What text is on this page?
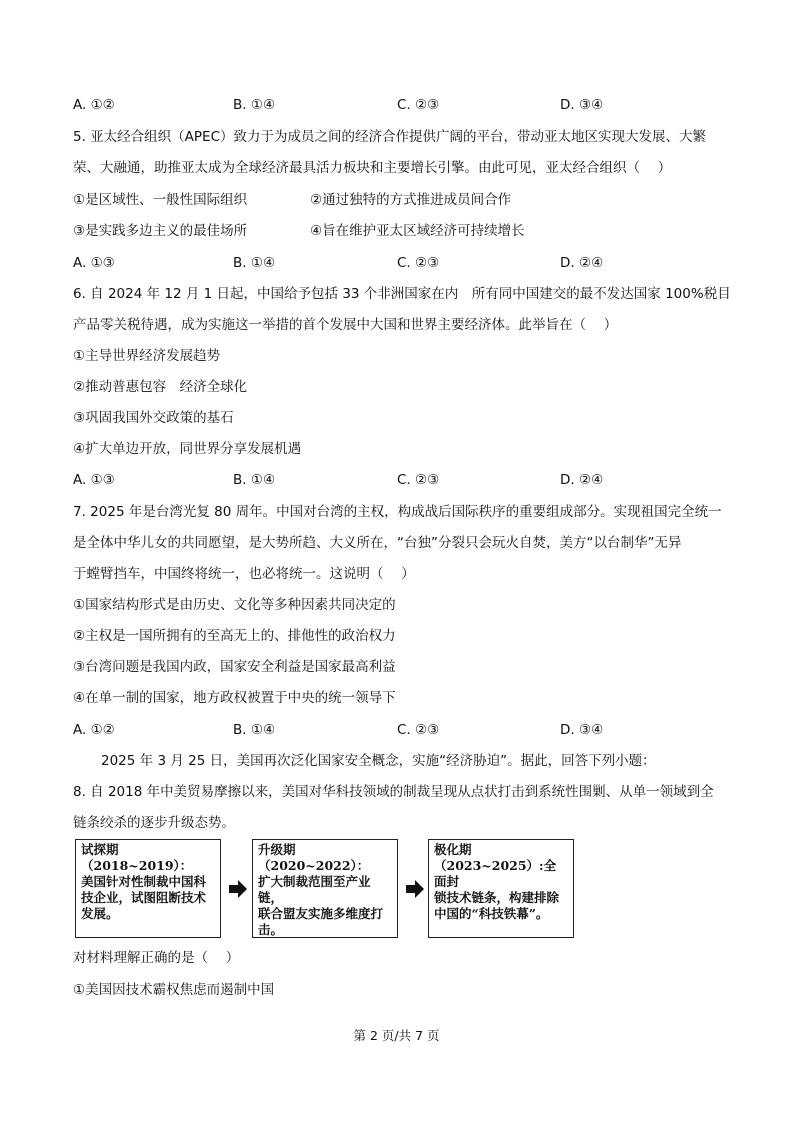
A. ①②	B. ①④	C. ②③	D. ③④
5. 亚太经合组织（APEC）致力于为成员之间的经济合作提供广阔的平台，带动亚太地区实现大发展、大繁
荣、大融通，助推亚太成为全球经济最具活力板块和主要增长引擎。由此可见，亚太经合组织（　 ）
①是区域性、一般性国际组织	②通过独特的方式推进成员间合作
③是实践多边主义的最佳场所	④旨在维护亚太区域经济可持续增长
A. ①③	B. ①④	C. ②③	D. ②④
6. 自 2024 年 12 月 1 日起，中国给予包括 33 个非洲国家在内　所有同中国建交的最不发达国家 100%税目
产品零关税待遇，成为实施这一举措的首个发展中大国和世界主要经济体。此举旨在（　 ）
①主导世界经济发展趋势
②推动普惠包容　经济全球化
③巩固我国外交政策的基石
④扩大单边开放，同世界分享发展机遇
A. ①③	B. ①④	C. ②③	D. ②④
7. 2025 年是台湾光复 80 周年。中国对台湾的主权，构成战后国际秩序的重要组成部分。实现祖国完全统一
是全体中华儿女的共同愿望，是大势所趋、大义所在，“台独”分裂只会玩火自焚，美方“以台制华”无异
于螳臂挡车，中国终将统一，也必将统一。这说明（　 ）
①国家结构形式是由历史、文化等多种因素共同决定的
②主权是一国所拥有的至高无上的、排他性的政治权力
③台湾问题是我国内政，国家安全利益是国家最高利益
④在单一制的国家，地方政权被置于中央的统一领导下
A. ①②	B. ①④	C. ②③	D. ③④
2025 年 3 月 25 日，美国再次泛化国家安全概念，实施“经济胁迫”。据此，回答下列小题：
8. 自 2018 年中美贸易摩擦以来，美国对华科技领域的制裁呈现从点状打击到系统性围剿、从单一领域到全
链条绞杀的逐步升级态势。
试探期
（2018~2019）：
美国针对性制裁中国科
技企业，试图阻断技术
发展。
升级期
（2020~2022）：
扩大制裁范围至产业链，
联合盟友实施多维度打
击。
极化期
（2023~2025）:全面封
锁技术链条，构建排除
中国的“科技铁幕”。
对材料理解正确的是（　 ）
①美国因技术霸权焦虑而遏制中国
第 2 页/共 7 页
